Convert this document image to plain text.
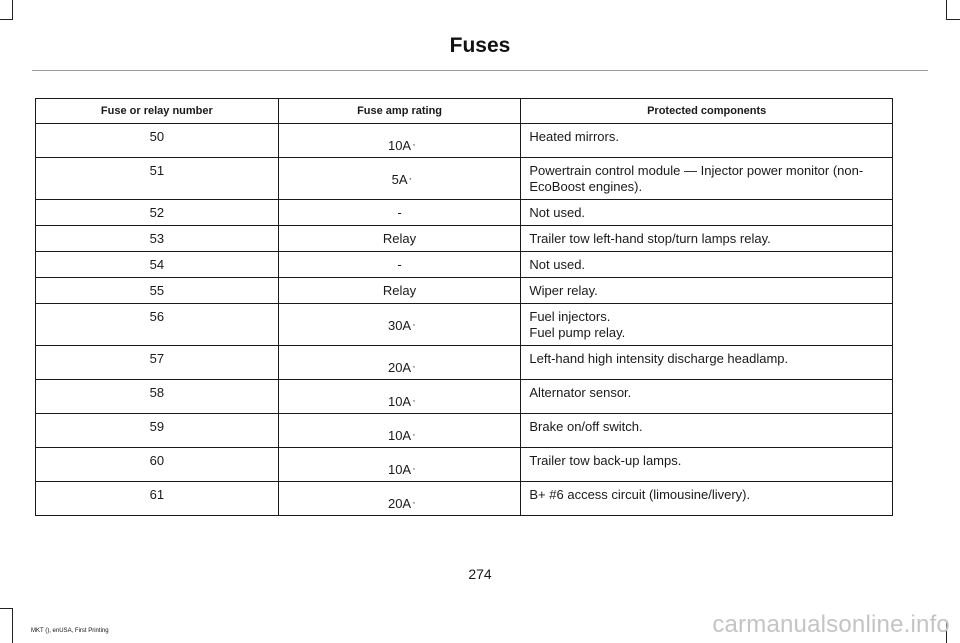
Fuses
Fuse or relay number	Fuse amp rating	Protected components
50	10A	Heated mirrors.
51	5A	Powertrain control module — Injector power monitor (non-EcoBoost engines).
52	-	Not used.
53	Relay	Trailer tow left-hand stop/turn lamps relay.
54	-	Not used.
55	Relay	Wiper relay.
56	30A	Fuel injectors.
Fuel pump relay.
57	20A	Left-hand high intensity discharge headlamp.
58	10A	Alternator sensor.
59	10A	Brake on/off switch.
60	10A	Trailer tow back-up lamps.
61	20A	B+ #6 access circuit (limousine/livery).
274
MKT (), enUSA, First Printing	carmanualsonline.info
